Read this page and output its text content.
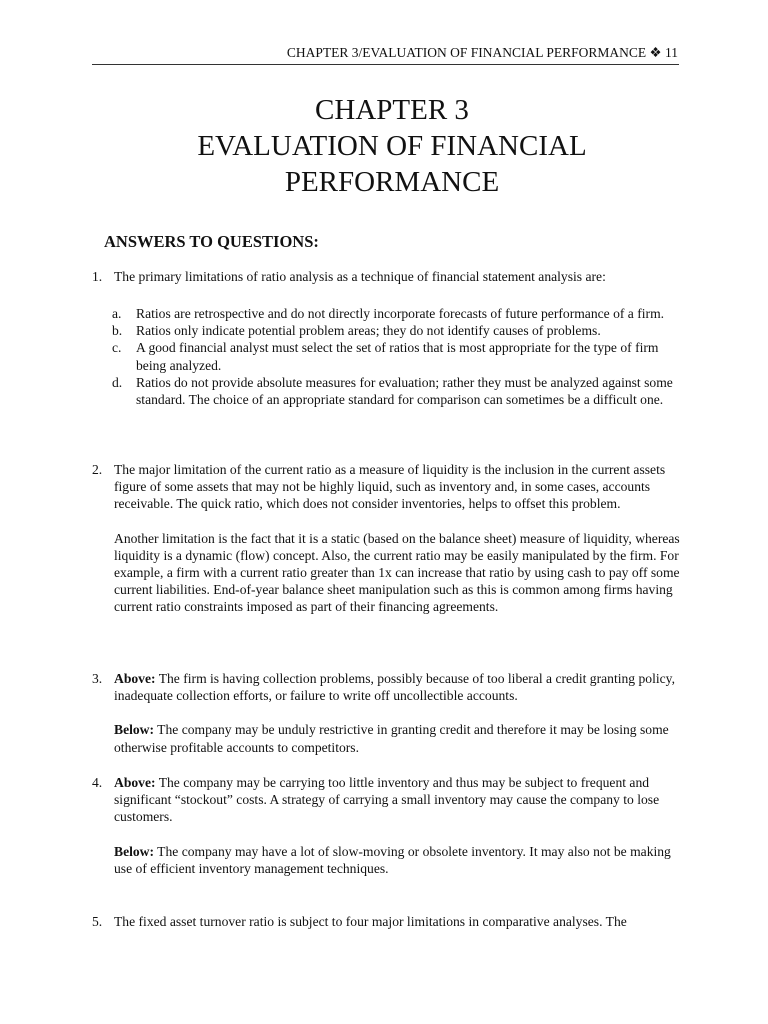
CHAPTER 3/EVALUATION OF FINANCIAL PERFORMANCE ❖ 11
CHAPTER 3
EVALUATION OF FINANCIAL
PERFORMANCE
ANSWERS TO QUESTIONS:
1. The primary limitations of ratio analysis as a technique of financial statement analysis are:

a. Ratios are retrospective and do not directly incorporate forecasts of future performance of a firm.
b. Ratios only indicate potential problem areas; they do not identify causes of problems.
c. A good financial analyst must select the set of ratios that is most appropriate for the type of firm being analyzed.
d. Ratios do not provide absolute measures for evaluation; rather they must be analyzed against some standard. The choice of an appropriate standard for comparison can sometimes be a difficult one.
2. The major limitation of the current ratio as a measure of liquidity is the inclusion in the current assets figure of some assets that may not be highly liquid, such as inventory and, in some cases, accounts receivable. The quick ratio, which does not consider inventories, helps to offset this problem.

Another limitation is the fact that it is a static (based on the balance sheet) measure of liquidity, whereas liquidity is a dynamic (flow) concept. Also, the current ratio may be easily manipulated by the firm. For example, a firm with a current ratio greater than 1x can increase that ratio by using cash to pay off some current liabilities. End-of-year balance sheet manipulation such as this is common among firms having current ratio constraints imposed as part of their financing agreements.

3. Above: The firm is having collection problems, possibly because of too liberal a credit granting policy, inadequate collection efforts, or failure to write off uncollectible accounts.

Below: The company may be unduly restrictive in granting credit and therefore it may be losing some otherwise profitable accounts to competitors.

4. Above: The company may be carrying too little inventory and thus may be subject to frequent and significant “stockout” costs. A strategy of carrying a small inventory may cause the company to lose customers.

Below: The company may have a lot of slow-moving or obsolete inventory. It may also not be making use of efficient inventory management techniques.

5. The fixed asset turnover ratio is subject to four major limitations in comparative analyses. The
